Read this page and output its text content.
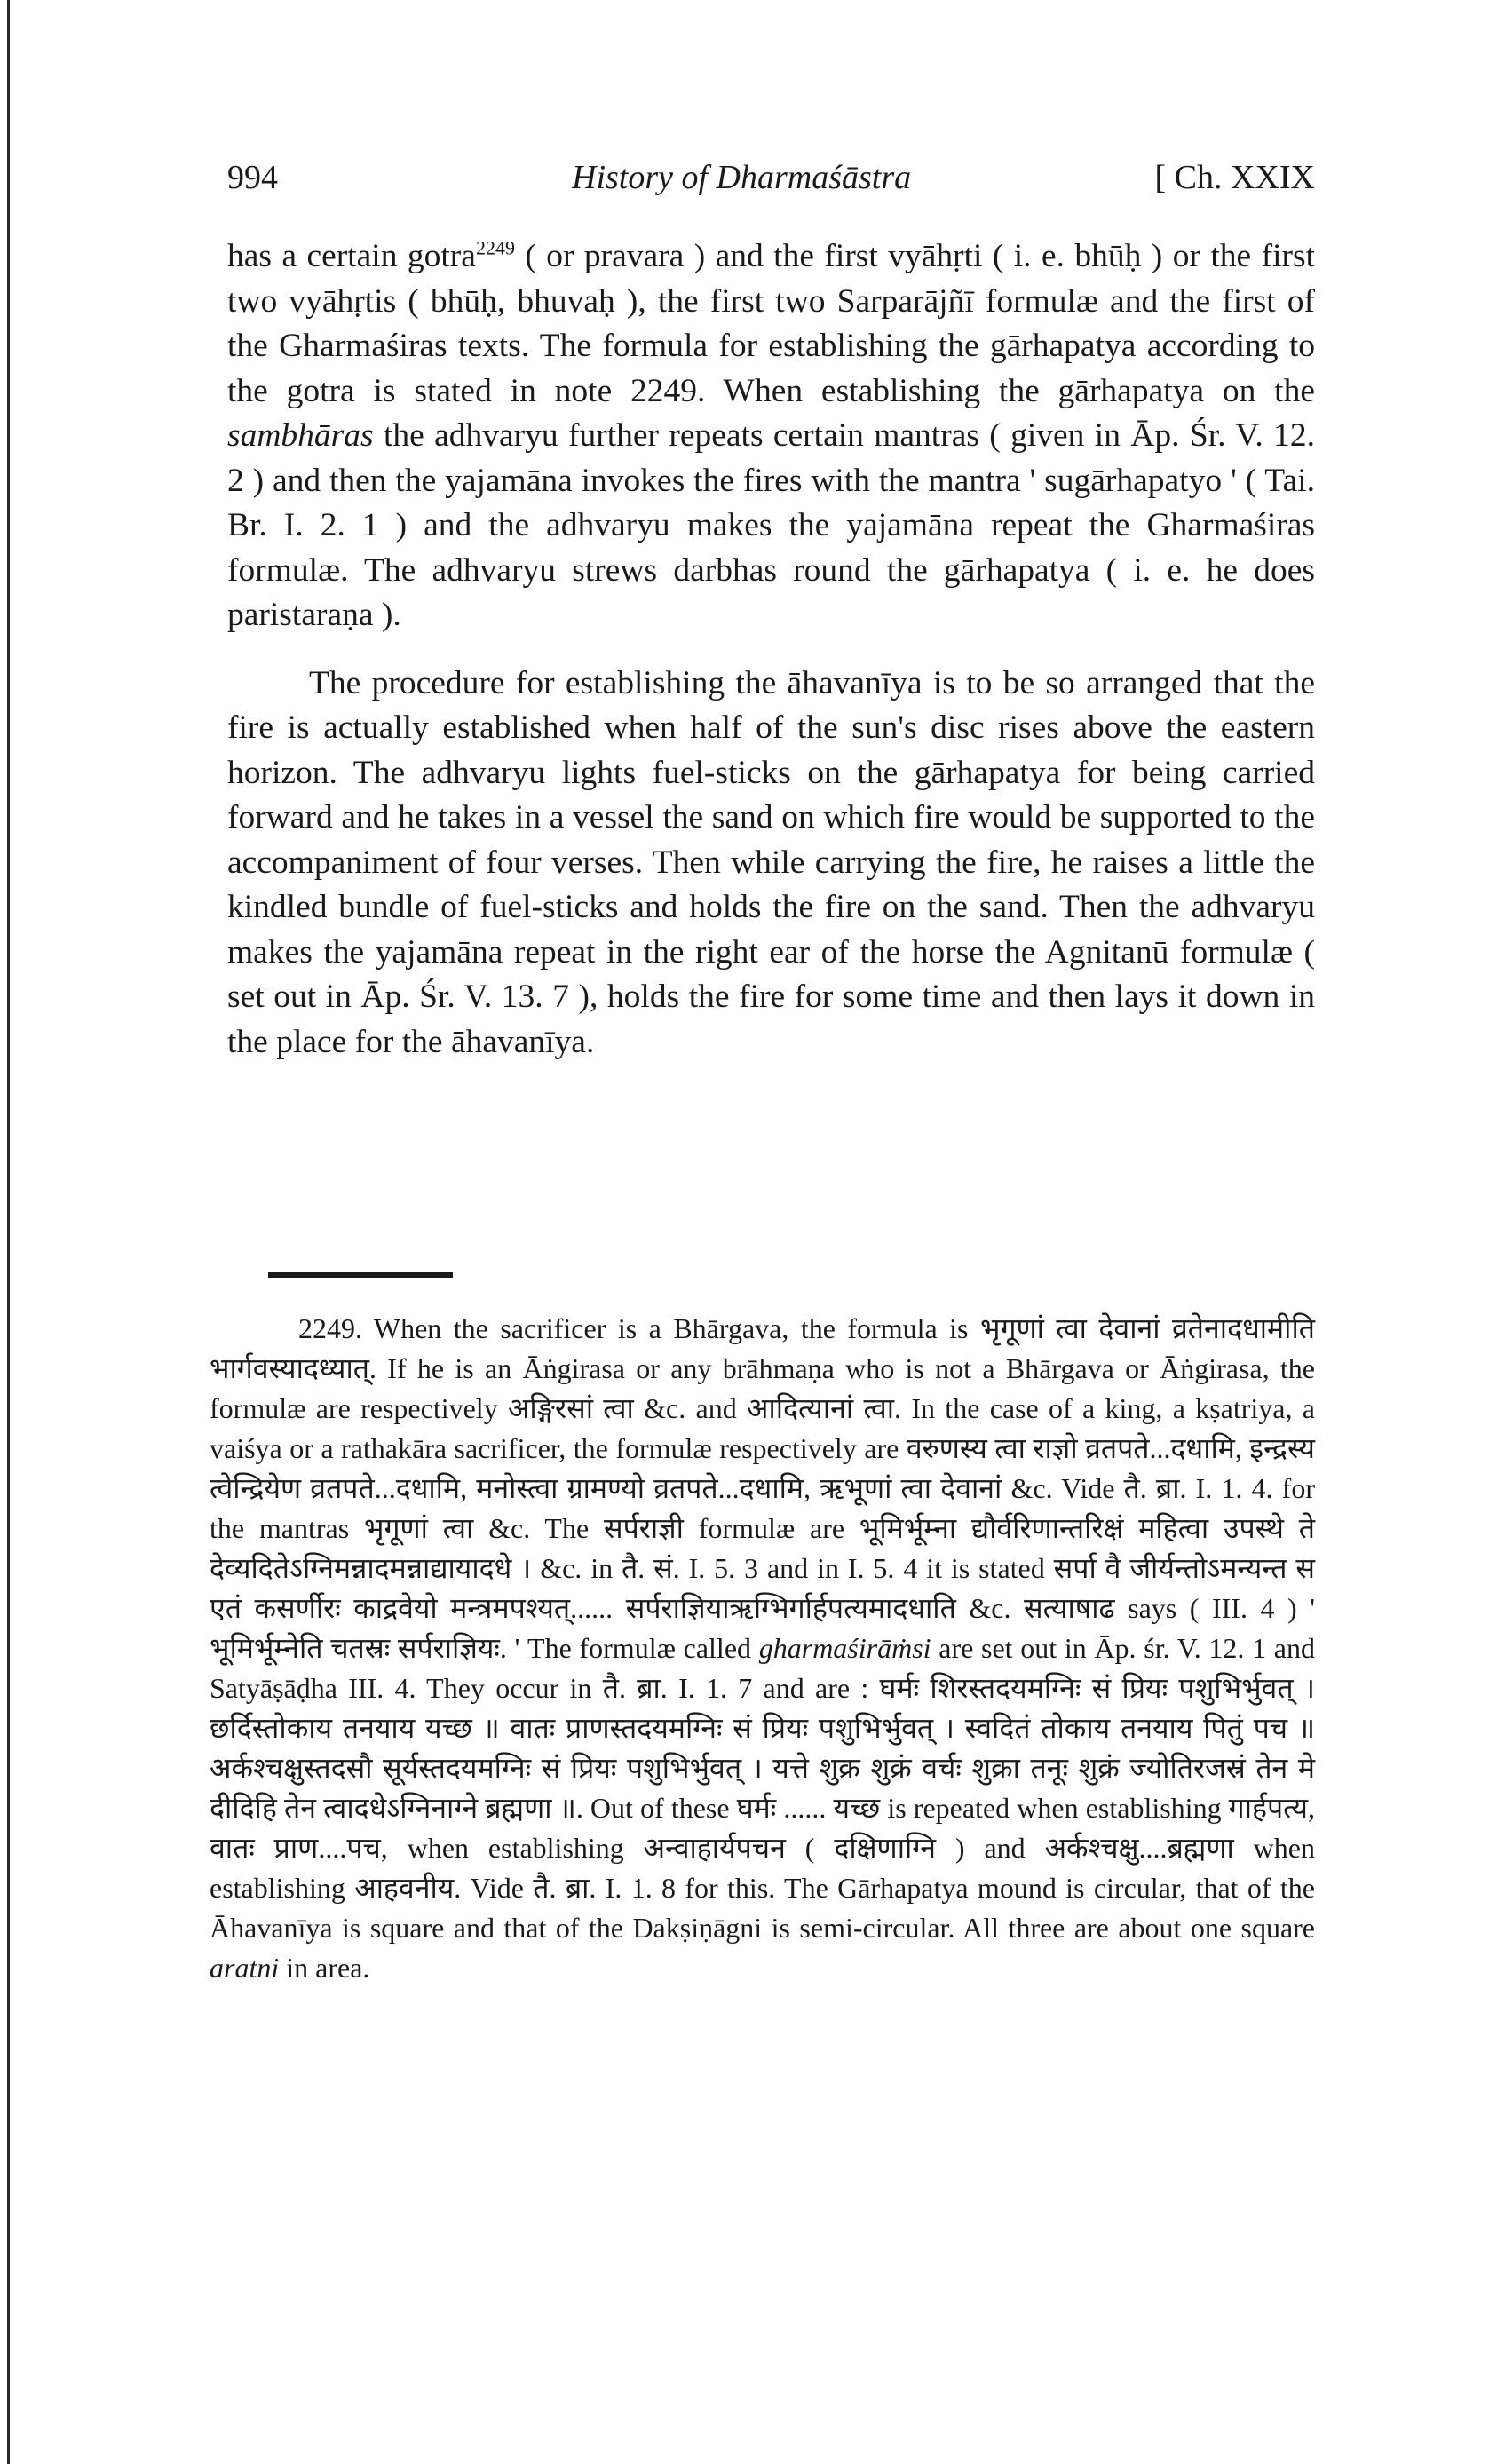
994	History of Dharmaśāstra	[ Ch. XXIX

has a certain gotra$^{2249}$ ( or pravara ) and the first vyāhṛti ( i. e. bhūḥ ) or the first two vyāhṛtis ( bhūḥ, bhuvaḥ ), the first two Sarparājñī formulæ and the first of the Gharmaśiras texts. The formula for establishing the gārhapatya according to the gotra is stated in note 2249. When establishing the gārhapatya on the sambhāras the adhvaryu further repeats certain mantras ( given in Āp. Śr. V. 12. 2 ) and then the yajamāna invokes the fires with the mantra ' sugārhapatyo ' ( Tai. Br. I. 2. 1 ) and the adhvaryu makes the yajamāna repeat the Gharmaśiras formulæ. The adhvaryu strews darbhas round the gārhapatya ( i. e. he does paristaraṇa ).

The procedure for establishing the āhavanīya is to be so arranged that the fire is actually established when half of the sun's disc rises above the eastern horizon. The adhvaryu lights fuel-sticks on the gārhapatya for being carried forward and he takes in a vessel the sand on which fire would be supported to the accompaniment of four verses. Then while carrying the fire, he raises a little the kindled bundle of fuel-sticks and holds the fire on the sand. Then the adhvaryu makes the yajamāna repeat in the right ear of the horse the Agnitanū formulæ ( set out in Āp. Śr. V. 13. 7 ), holds the fire for some time and then lays it down in the place for the āhavanīya.

2249. When the sacrificer is a Bhārgava, the formula is भृगूणां त्वा देवानां व्रतेनादधामीति भार्गवस्यादध्यात्. If he is an Āṅgirasa or any brāhmaṇa who is not a Bhārgava or Āṅgirasa, the formulæ are respectively अङ्गिरसां त्वा &c. and आदित्यानां त्वा. In the case of a king, a kṣatriya, a vaiśya or a rathakāra sacrificer, the formulæ respectively are वरुणस्य त्वा राज्ञो व्रतपते...दधामि, इन्द्रस्य त्वेन्द्रियेण व्रतपते...दधामि, मनोस्त्वा ग्रामण्यो व्रतपते...दधामि, ऋभूणां त्वा देवानां &c. Vide तै. ब्रा. I. 1. 4. for the mantras भृगूणां त्वा &c. The सर्पराज्ञी formulæ are भूमिर्भूम्ना द्यौर्वरिणान्तरिक्षं महित्वा उपस्थे ते देव्यदितेऽग्निमन्नादमन्नाद्यायादधे । &c. in तै. सं. I. 5. 3 and in I. 5. 4 it is stated सर्पा वै जीर्यन्तोऽमन्यन्त स एतं कसर्णीरः काद्रवेयो मन्त्रमपश्यत्...... सर्पराज्ञियाऋग्भिर्गार्हपत्यमादधाति &c. सत्याषाढ says ( III. 4 ) ' भूमिर्भूम्नेति चतस्रः सर्पराज्ञियः. ' The formulæ called gharmaśirāṁsi are set out in Āp. śr. V. 12. 1 and Satyāṣāḍha III. 4. They occur in तै. ब्रा. I. 1. 7 and are : घर्मः शिरस्तदयमग्निः सं प्रियः पशुभिर्भुवत् । छर्दिस्तोकाय तनयाय यच्छ ॥ वातः प्राणस्तदयमग्निः सं प्रियः पशुभिर्भुवत् । स्वदितं तोकाय तनयाय पितुं पच ॥ अर्कश्चक्षुस्तदसौ सूर्यस्तदयमग्निः सं प्रियः पशुभिर्भुवत् । यत्ते शुक्र शुक्रं वर्चः शुक्रा तनूः शुक्रं ज्योतिरजस्रं तेन मे दीदिहि तेन त्वादधेऽग्निनाग्ने ब्रह्मणा ॥. Out of these घर्मः ...... यच्छ is repeated when establishing गार्हपत्य, वातः प्राण....पच, when establishing अन्वाहार्यपचन ( दक्षिणाग्नि ) and अर्कश्चक्षु....ब्रह्मणा when establishing आहवनीय. Vide तै. ब्रा. I. 1. 8 for this. The Gārhapatya mound is circular, that of the Āhavanīya is square and that of the Dakṣiṇāgni is semi-circular. All three are about one square aratni in area.
